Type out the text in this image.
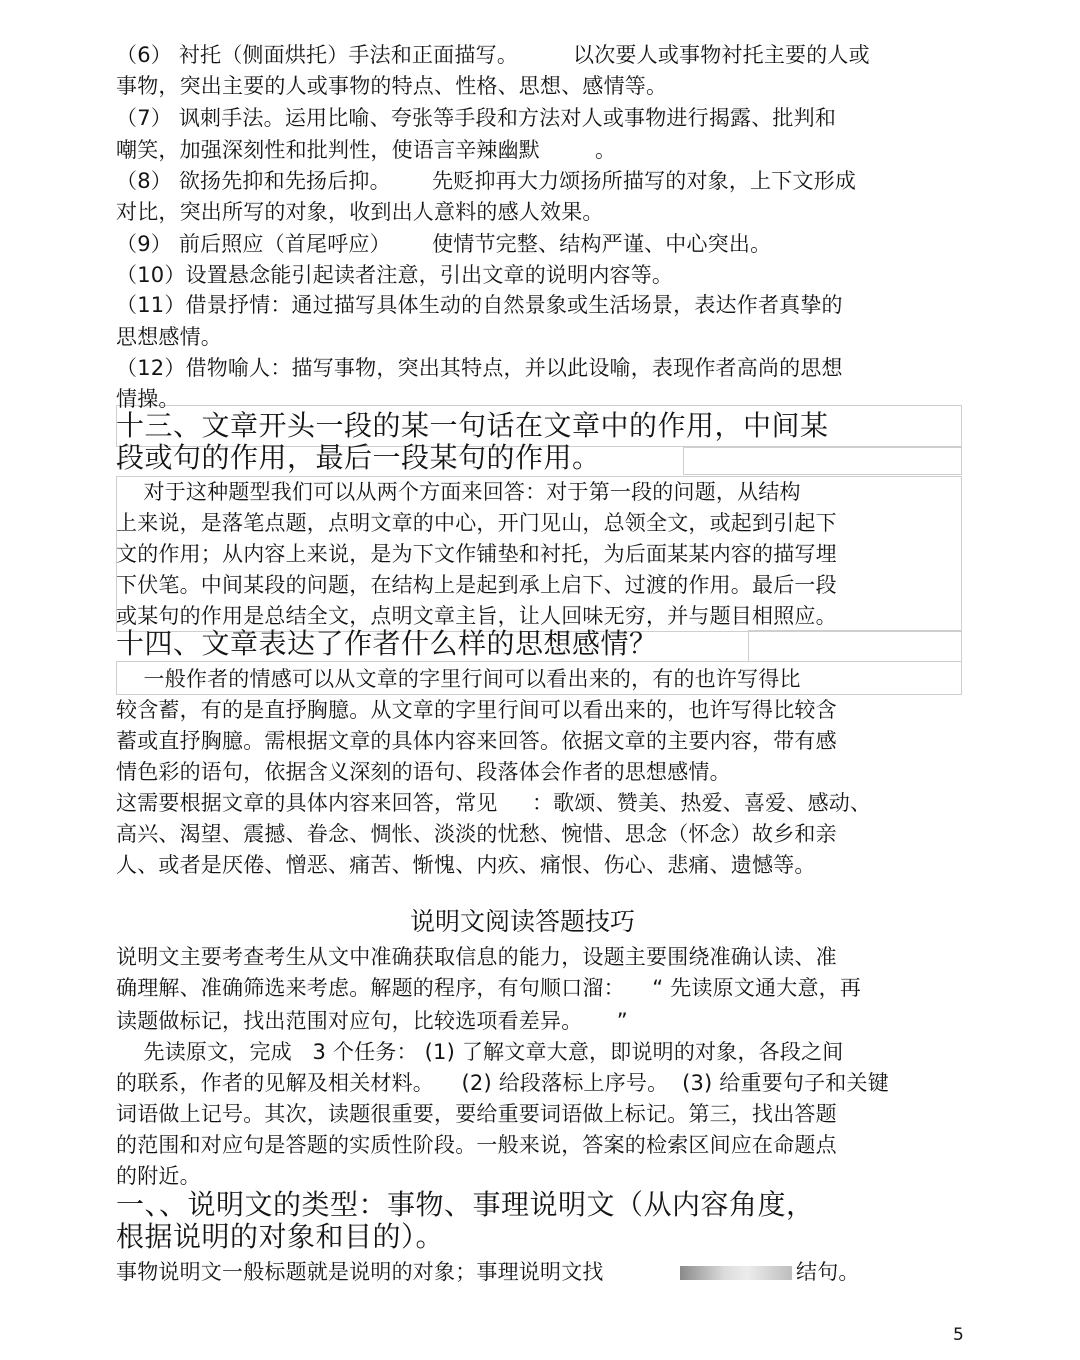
（6） 衬托（侧面烘托）手法和正面描写。        以次要人或事物衬托主要的人或
事物，突出主要的人或事物的特点、性格、思想、感情等。
（7） 讽刺手法。运用比喻、夸张等手段和方法对人或事物进行揭露、批判和
嘲笑，加强深刻性和批判性，使语言辛辣幽默        。
（8） 欲扬先抑和先扬后抑。      先贬抑再大力颂扬所描写的对象，上下文形成
对比，突出所写的对象，收到出人意料的感人效果。
（9） 前后照应（首尾呼应）      使情节完整、结构严谨、中心突出。
（10）设置悬念能引起读者注意，引出文章的说明内容等。
（11）借景抒情：通过描写具体生动的自然景象或生活场景，表达作者真挚的
思想感情。
（12）借物喻人：描写事物，突出其特点，并以此设喻，表现作者高尚的思想
情操。
十三、文章开头一段的某一句话在文章中的作用，中间某
段或句的作用，最后一段某句的作用。
对于这种题型我们可以从两个方面来回答：对于第一段的问题，从结构
上来说，是落笔点题，点明文章的中心，开门见山，总领全文，或起到引起下
文的作用；从内容上来说，是为下文作铺垫和衬托，为后面某某内容的描写埋
下伏笔。中间某段的问题，在结构上是起到承上启下、过渡的作用。最后一段
或某句的作用是总结全文，点明文章主旨，让人回味无穷，并与题目相照应。
十四、文章表达了作者什么样的思想感情？
一般作者的情感可以从文章的字里行间可以看出来的，有的也许写得比
较含蓄，有的是直抒胸臆。从文章的字里行间可以看出来的，也许写得比较含
蓄或直抒胸臆。需根据文章的具体内容来回答。依据文章的主要内容，带有感
情色彩的语句，依据含义深刻的语句、段落体会作者的思想感情。
这需要根据文章的具体内容来回答，常见     ：歌颂、赞美、热爱、喜爱、感动、
高兴、渴望、震撼、眷念、惆怅、淡淡的忧愁、惋惜、思念（怀念）故乡和亲
人、或者是厌倦、憎恶、痛苦、惭愧、内疚、痛恨、伤心、悲痛、遗憾等。
说明文阅读答题技巧
说明文主要考查考生从文中准确获取信息的能力，设题主要围绕准确认读、准
确理解、准确筛选来考虑。解题的程序，有句顺口溜：    “ 先读原文通大意，再
读题做标记，找出范围对应句，比较选项看差异。     ”
先读原文，完成   3 个任务： (1) 了解文章大意，即说明的对象，各段之间
的联系，作者的见解及相关材料。    (2) 给段落标上序号。  (3) 给重要句子和关键
词语做上记号。其次，读题很重要，要给重要词语做上标记。第三，找出答题
的范围和对应句是答题的实质性阶段。一般来说，答案的检索区间应在命题点
的附近。
一、、说明文的类型：事物、事理说明文（从内容角度，
根据说明的对象和目的）。
事物说明文一般标题就是说明的对象；事理说明文找	结句。
5
